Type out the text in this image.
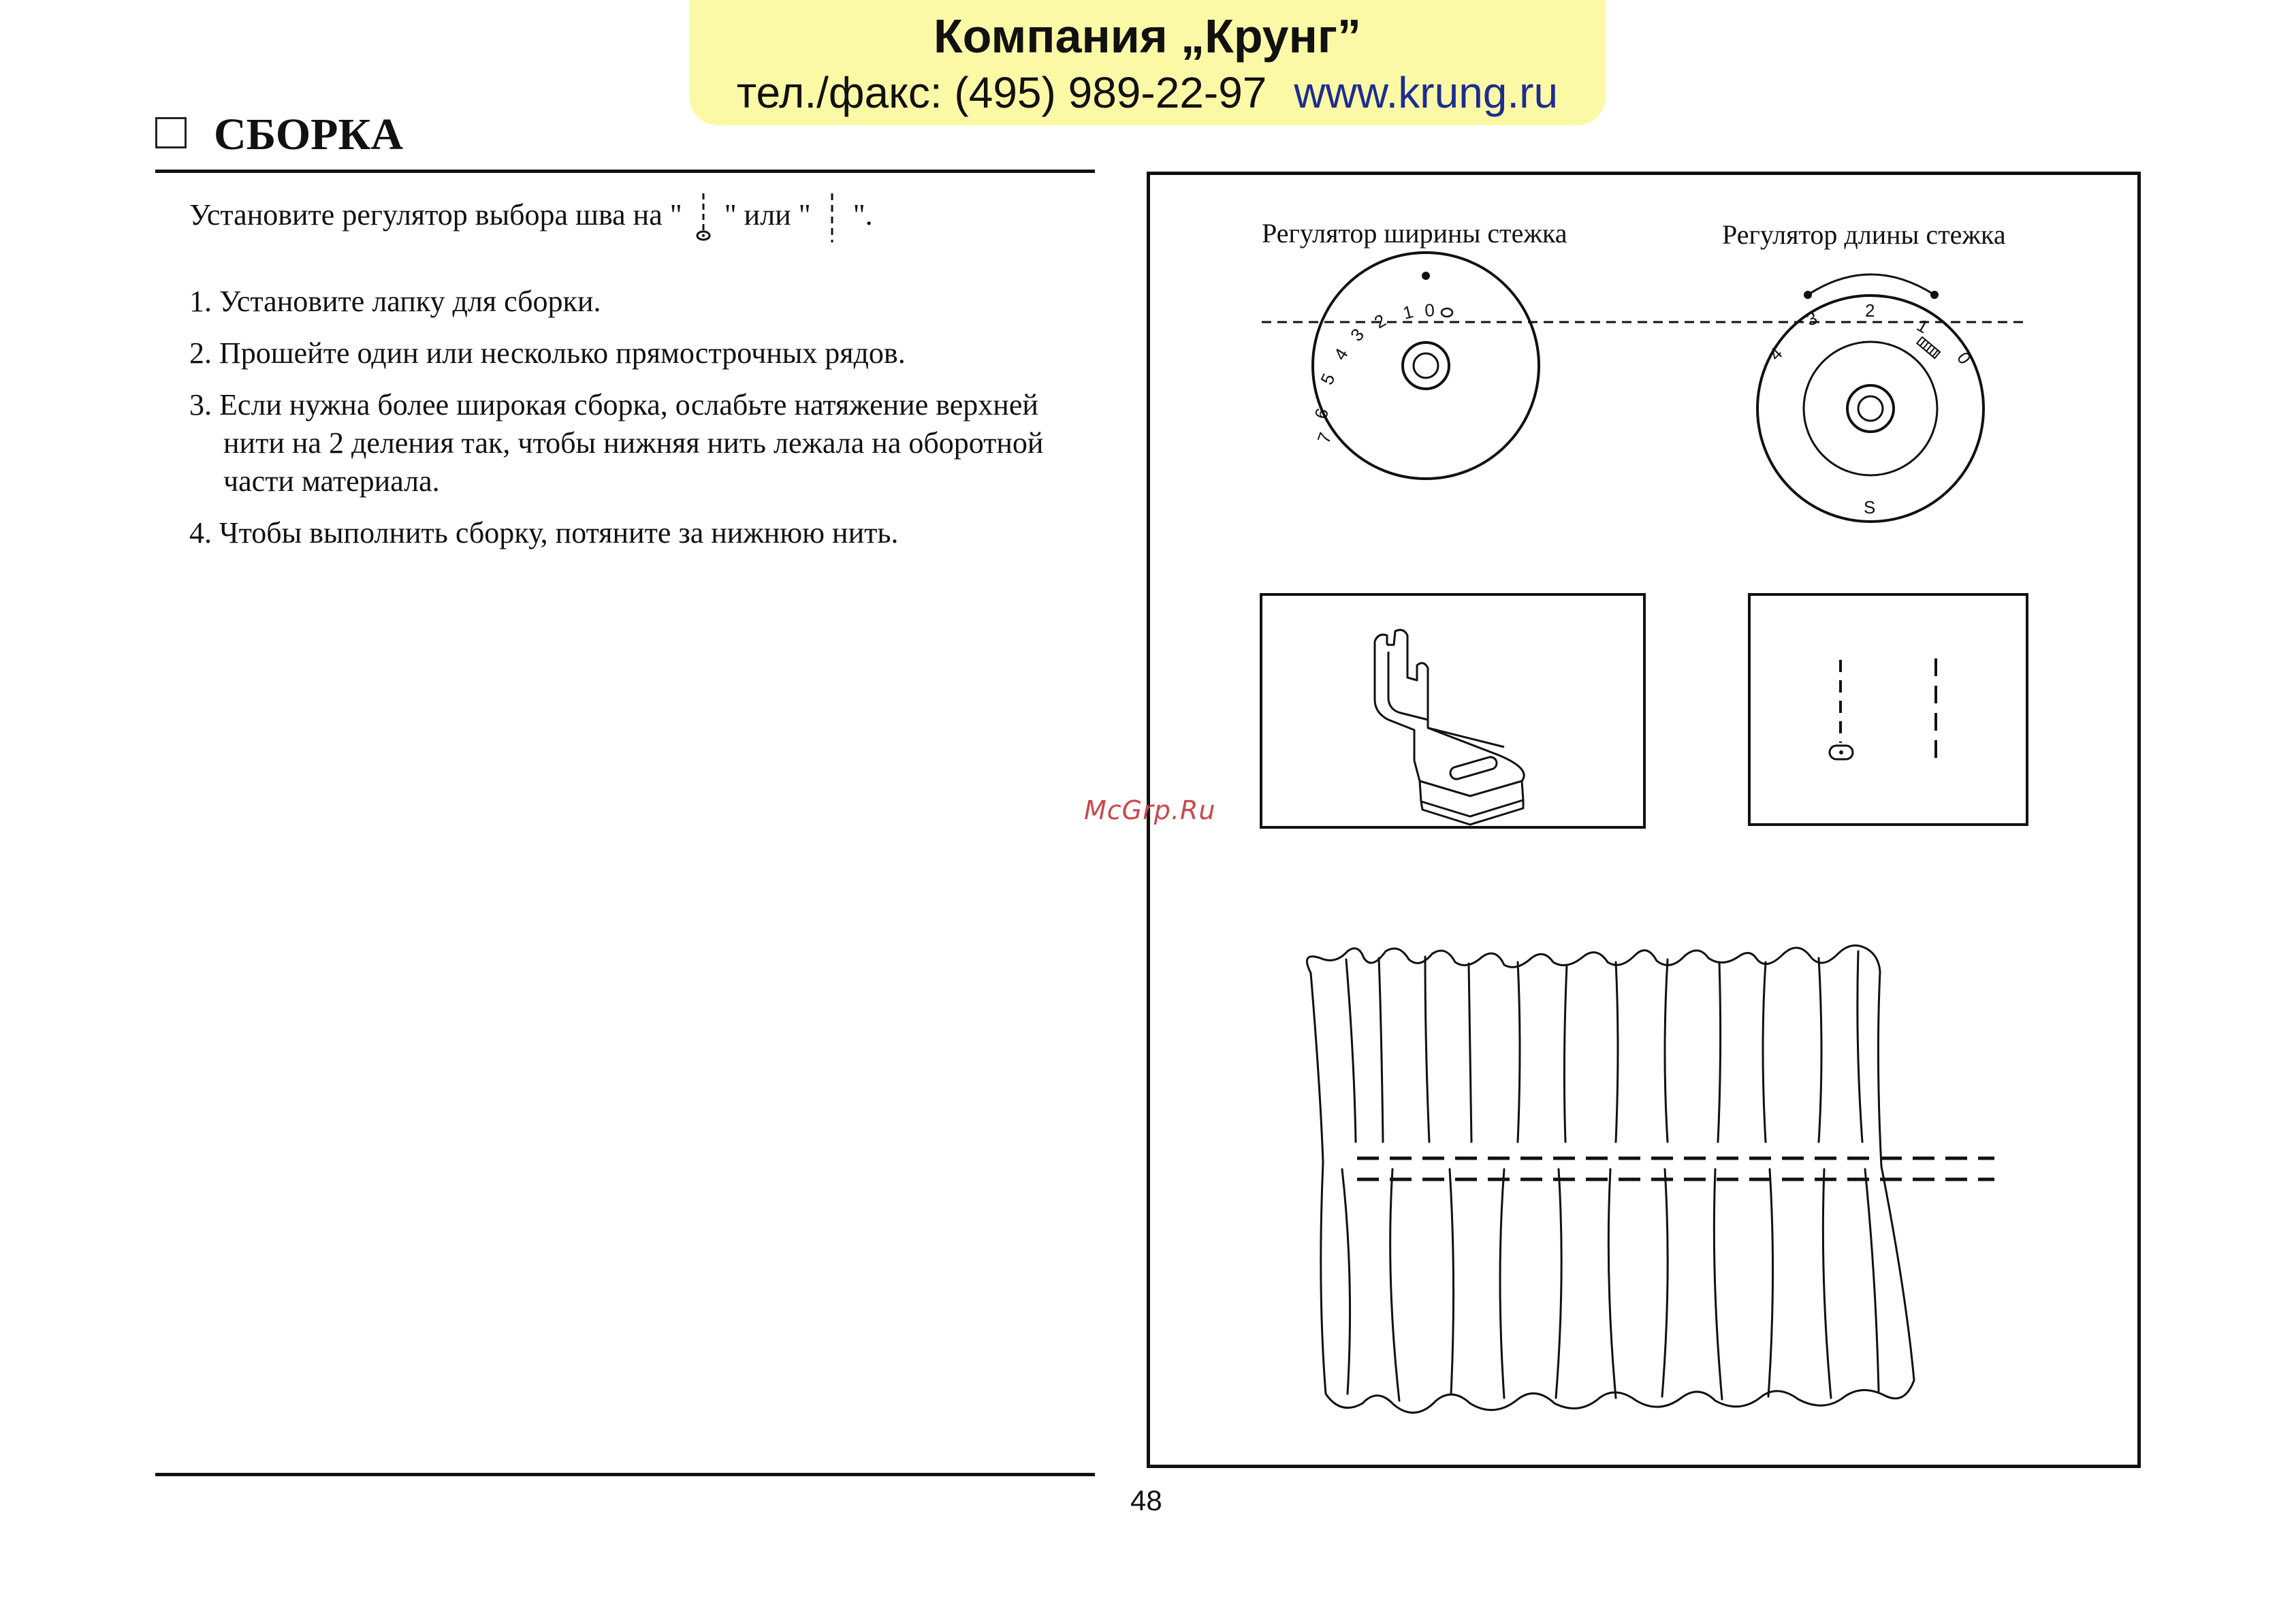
Компания „Крунг”
тел./факс: (495) 989-22-97 www.krung.ru
СБОРКА
Установите регулятор выбора шва на " " или " ".
1. Установите лапку для сборки.
2. Прошейте один или несколько прямострочных рядов.
3. Если нужна более широкая сборка, ослабьте натяжение верхней нити на 2 деления так, чтобы нижняя нить лежала на оборотной части материала.
4. Чтобы выполнить сборку, потяните за нижнюю нить.
Регулятор ширины стежка	Регулятор длины стежка
7
6
5
4
3
2 1 0
4
3	2
1
0
S
McGrp.Ru
48
